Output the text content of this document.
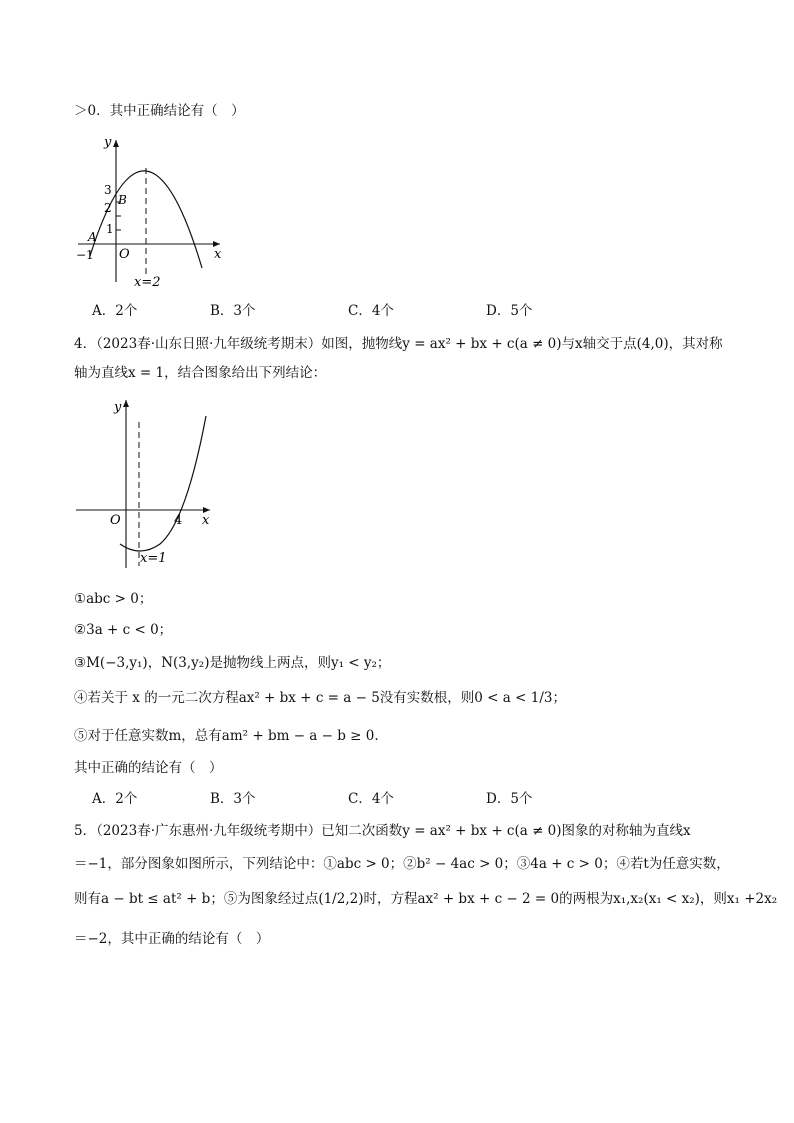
＞0．其中正确结论有（　）
y
x
O
3
2
1
−1
A
B
x=2
A．2个	B．3个	C．4个	D．5个
4．（2023春·山东日照·九年级统考期末）如图，抛物线y = ax² + bx + c(a ≠ 0)与x轴交于点(4,0)，其对称
轴为直线x = 1，结合图象给出下列结论：
y
x
O	4
x=1
①abc > 0；
②3a + c < 0；
③M(−3,y₁)，N(3,y₂)是抛物线上两点，则y₁ < y₂；
④若关于 x 的一元二次方程ax² + bx + c = a − 5没有实数根，则0 < a < 1/3；
⑤对于任意实数m，总有am² + bm − a − b ≥ 0.
其中正确的结论有（　）
A．2个	B．3个	C．4个	D．5个
5．（2023春·广东惠州·九年级统考期中）已知二次函数y = ax² + bx + c(a ≠ 0)图象的对称轴为直线x
＝−1，部分图象如图所示，下列结论中：①abc > 0；②b² − 4ac > 0；③4a + c > 0；④若t为任意实数，
则有a − bt ≤ at² + b；⑤为图象经过点(1/2,2)时，方程ax² + bx + c − 2 = 0的两根为x₁,x₂(x₁ < x₂)，则x₁ +2x₂
＝−2，其中正确的结论有（　）
